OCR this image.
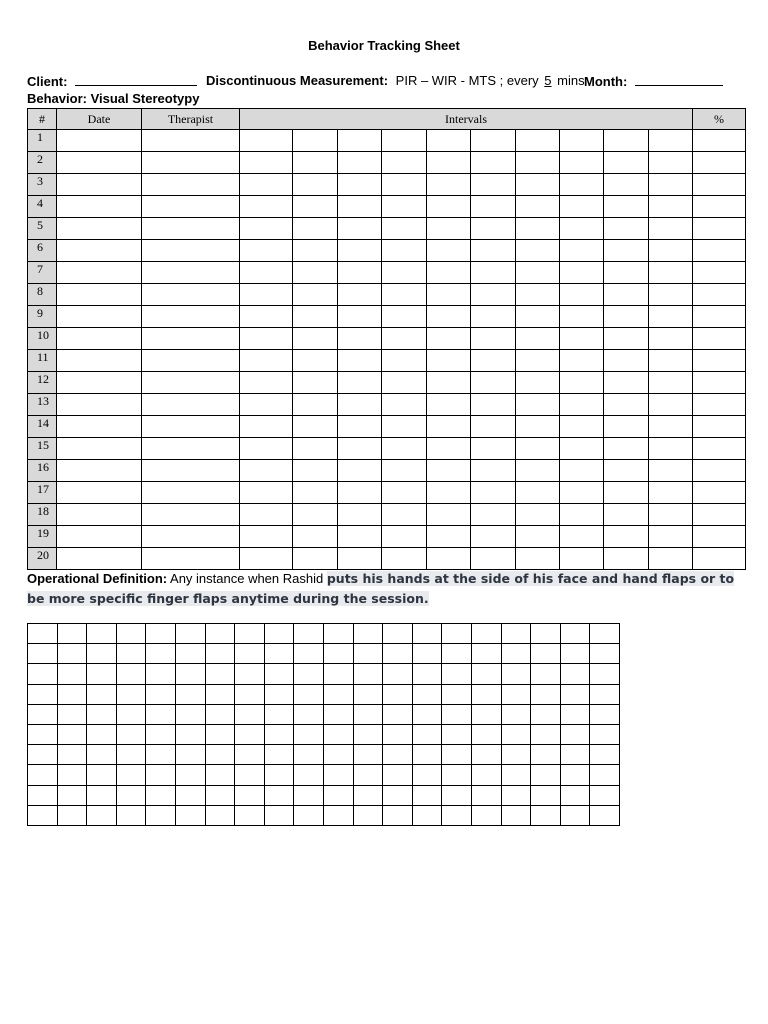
Behavior Tracking Sheet
Client:	Discontinuous Measurement: PIR – WIR - MTS ; every 5 mins Month:
Behavior: Visual Stereotypy
#	Date	Therapist	Intervals										%
1													
2													
3													
4													
5													
6													
7													
8													
9													
10													
11													
12													
13													
14													
15													
16													
17													
18													
19													
20													
Operational Definition: Any instance when Rashid puts his hands at the side of his face and hand flaps or to be more specific finger flaps anytime during the session.
